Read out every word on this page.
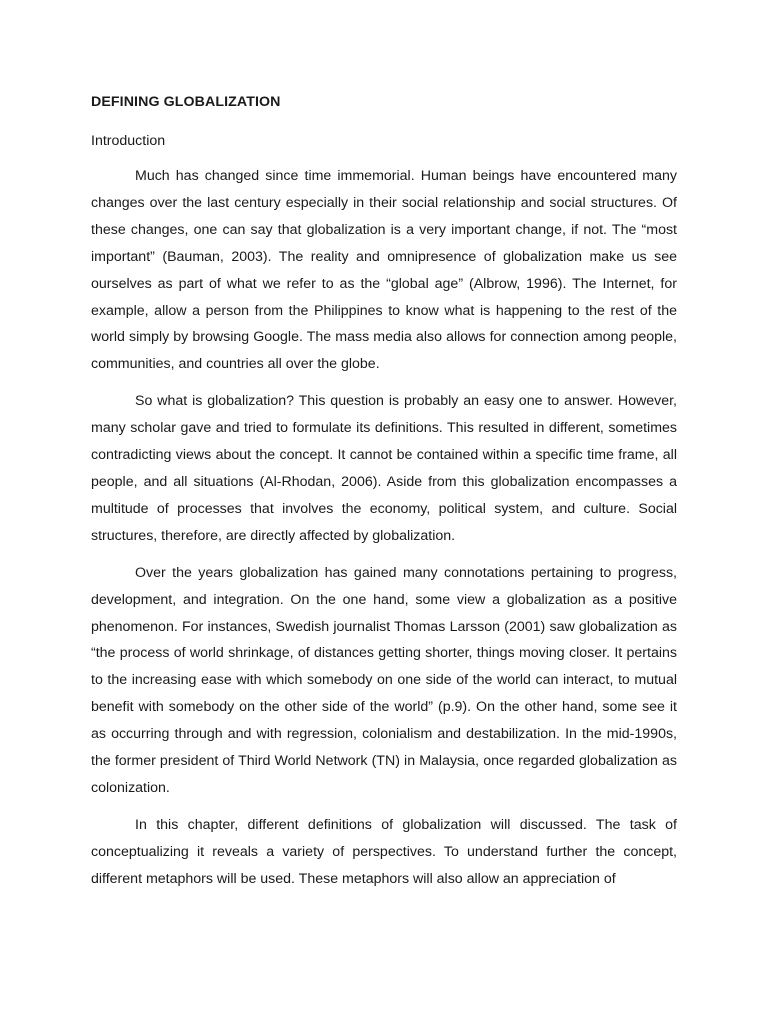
DEFINING GLOBALIZATION
Introduction

Much has changed since time immemorial. Human beings have encountered many changes over the last century especially in their social relationship and social structures. Of these changes, one can say that globalization is a very important change, if not. The “most important” (Bauman, 2003). The reality and omnipresence of globalization make us see ourselves as part of what we refer to as the “global age” (Albrow, 1996). The Internet, for example, allow a person from the Philippines to know what is happening to the rest of the world simply by browsing Google. The mass media also allows for connection among people, communities, and countries all over the globe.

So what is globalization? This question is probably an easy one to answer. However, many scholar gave and tried to formulate its definitions. This resulted in different, sometimes contradicting views about the concept. It cannot be contained within a specific time frame, all people, and all situations (Al-Rhodan, 2006). Aside from this globalization encompasses a multitude of processes that involves the economy, political system, and culture. Social structures, therefore, are directly affected by globalization.

Over the years globalization has gained many connotations pertaining to progress, development, and integration. On the one hand, some view a globalization as a positive phenomenon. For instances, Swedish journalist Thomas Larsson (2001) saw globalization as “the process of world shrinkage, of distances getting shorter, things moving closer. It pertains to the increasing ease with which somebody on one side of the world can interact, to mutual benefit with somebody on the other side of the world” (p.9). On the other hand, some see it as occurring through and with regression, colonialism and destabilization. In the mid-1990s, the former president of Third World Network (TN) in Malaysia, once regarded globalization as colonization.

In this chapter, different definitions of globalization will discussed. The task of conceptualizing it reveals a variety of perspectives. To understand further the concept, different metaphors will be used. These metaphors will also allow an appreciation of
